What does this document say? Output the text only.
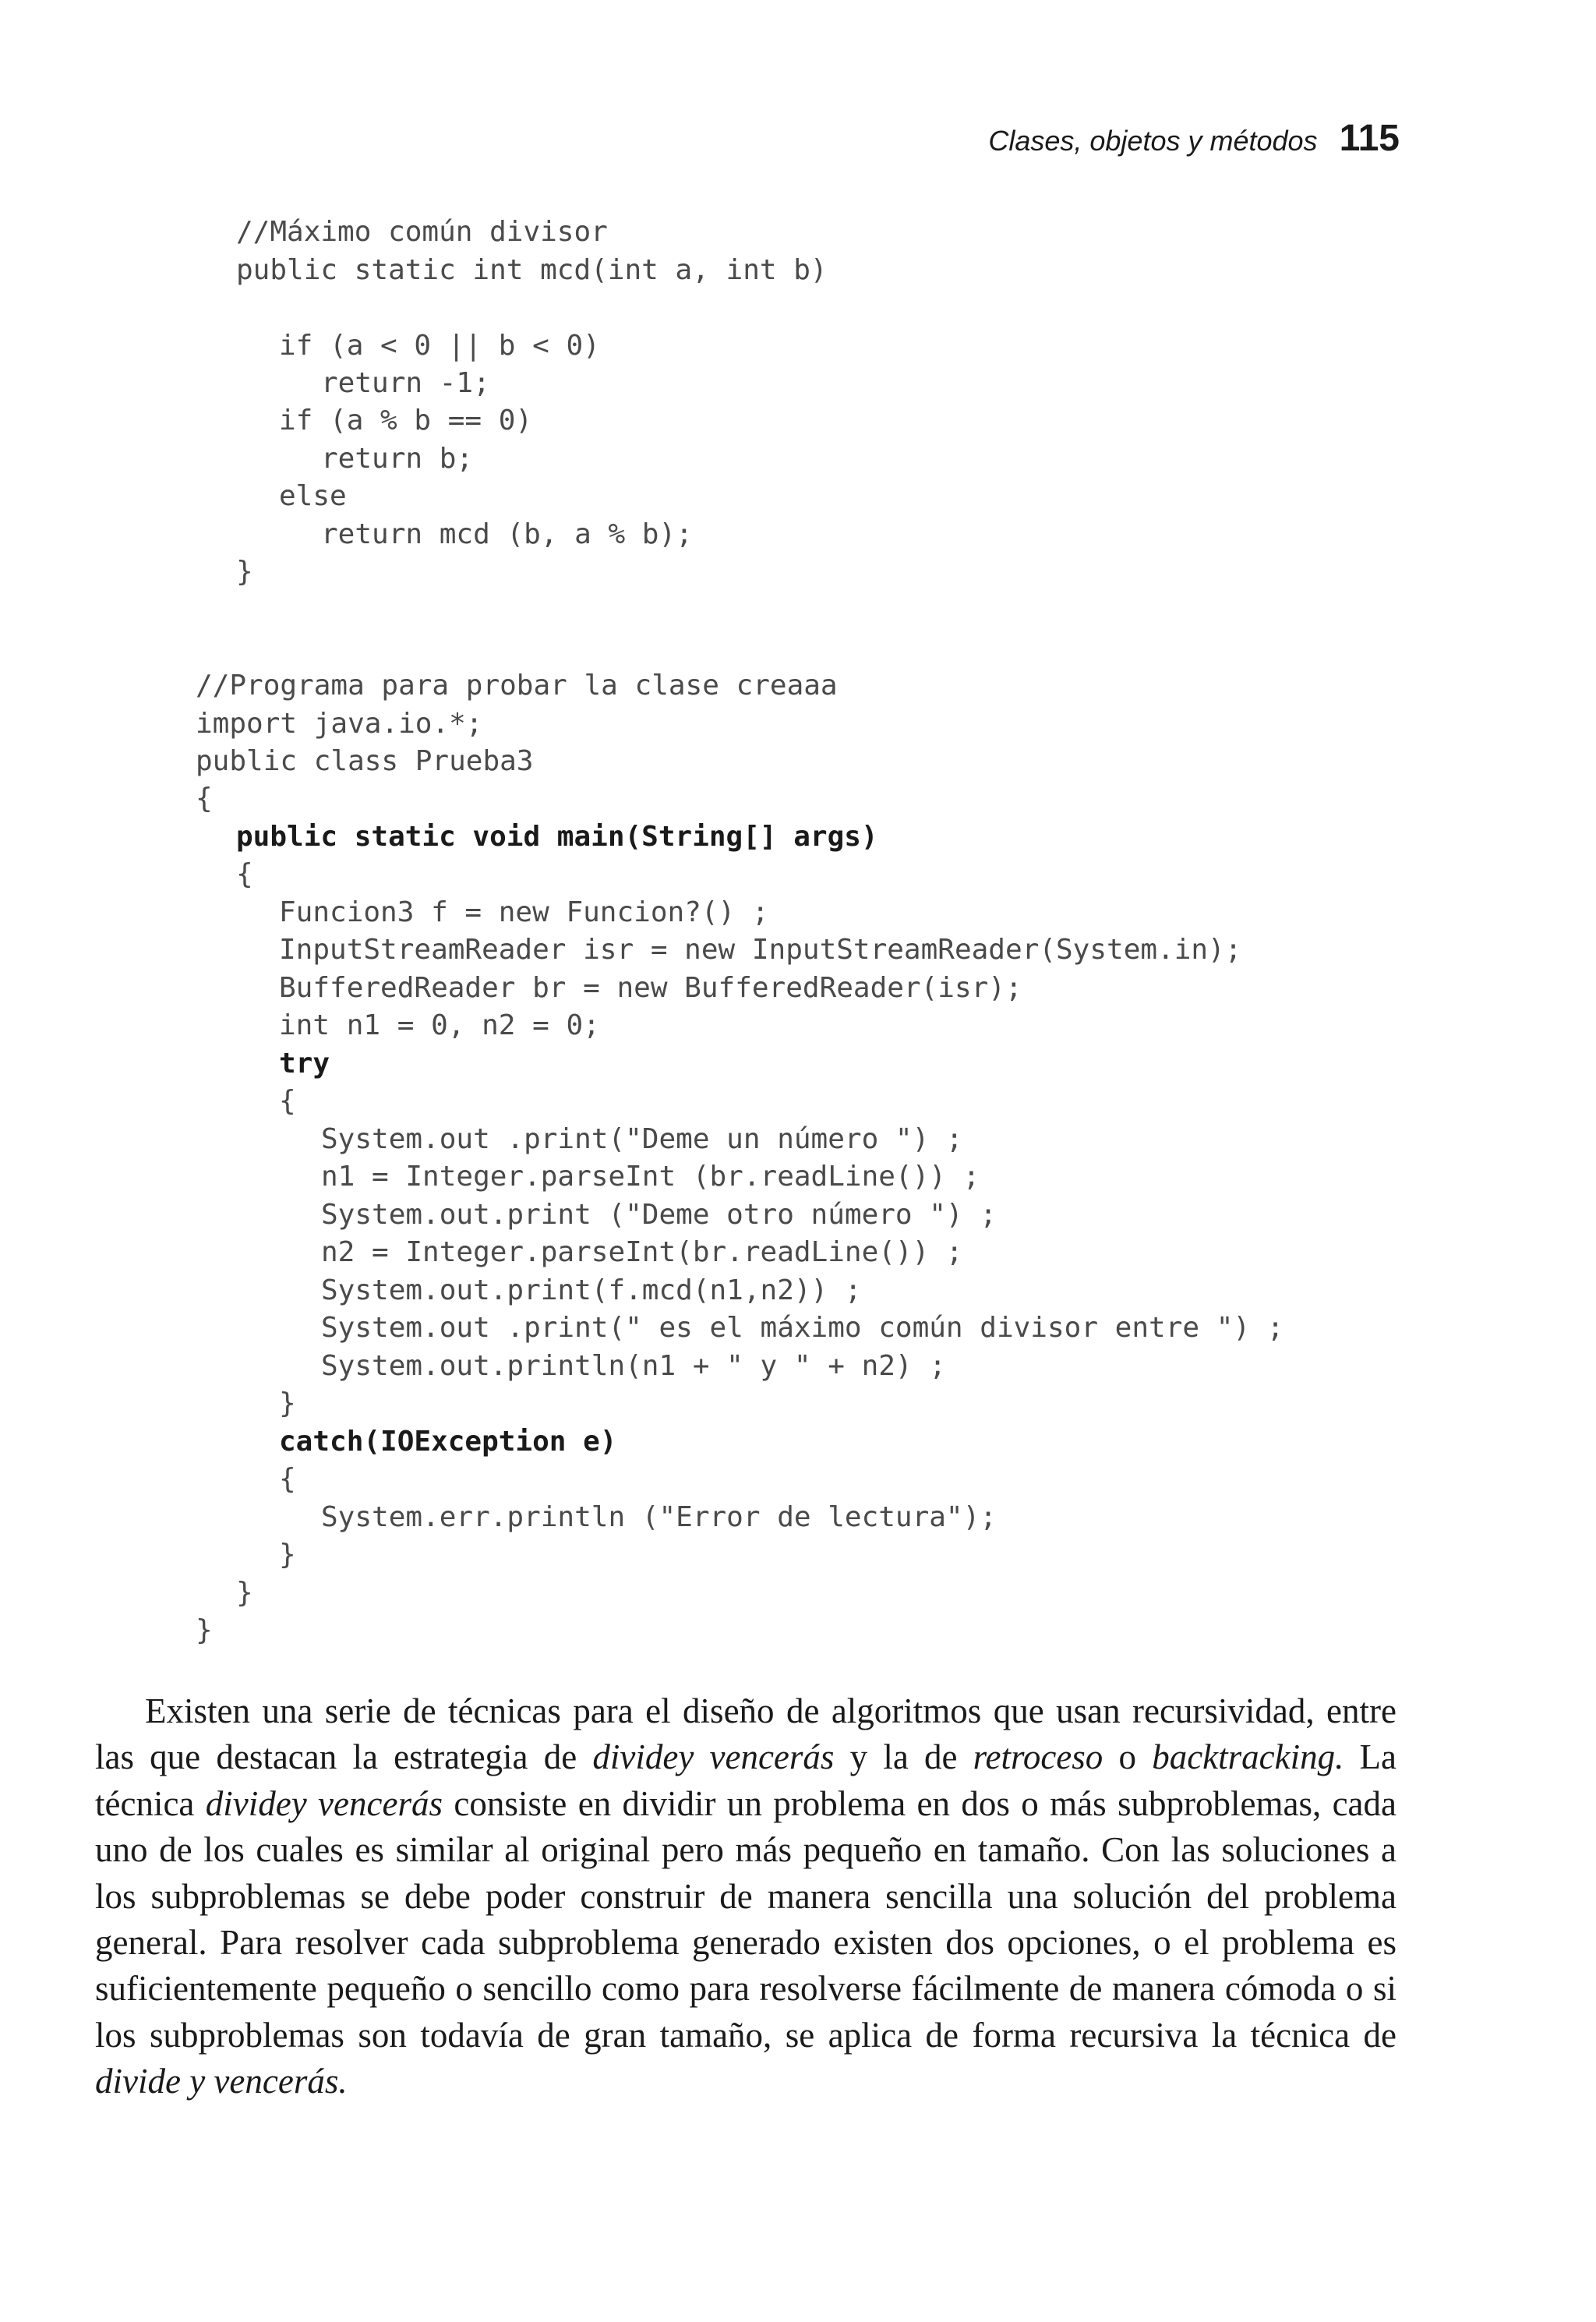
Clases, objetos y métodos 115
//Máximo común divisor
public static int mcd(int a, int b)
if (a < 0 || b < 0)
return -1;
if (a % b == 0)
return b;
else
return mcd (b, a % b);
}
//Programa para probar la clase creaaa
import java.io.*;
public class Prueba3
{
public static void main(String[] args)
{
Funcion3 f = new Funcion?() ;
InputStreamReader isr = new InputStreamReader(System.in);
BufferedReader br = new BufferedReader(isr);
int n1 = 0, n2 = 0;
try
{
System.out .print("Deme un número ") ;
n1 = Integer.parseInt (br.readLine()) ;
System.out.print ("Deme otro número ") ;
n2 = Integer.parseInt(br.readLine()) ;
System.out.print(f.mcd(n1,n2)) ;
System.out .print(" es el máximo común divisor entre ") ;
System.out.println(n1 + " y " + n2) ;
}
catch(IOException e)
{
System.err.println ("Error de lectura");
}
}
}

Existen una serie de técnicas para el diseño de algoritmos que usan recursividad, entre las que destacan la estrategia de dividey vencerás y la de retroceso o backtracking. La técnica dividey vencerás consiste en dividir un problema en dos o más subproblemas, cada uno de los cuales es similar al original pero más pequeño en tamaño. Con las soluciones a los subproblemas se debe poder construir de manera sencilla una solución del problema general. Para resolver cada subproblema generado existen dos opciones, o el problema es suficientemente pequeño o sencillo como para resolverse fácilmente de manera cómoda o si los subproblemas son todavía de gran tamaño, se aplica de forma recursiva la técnica de divide y vencerás.
